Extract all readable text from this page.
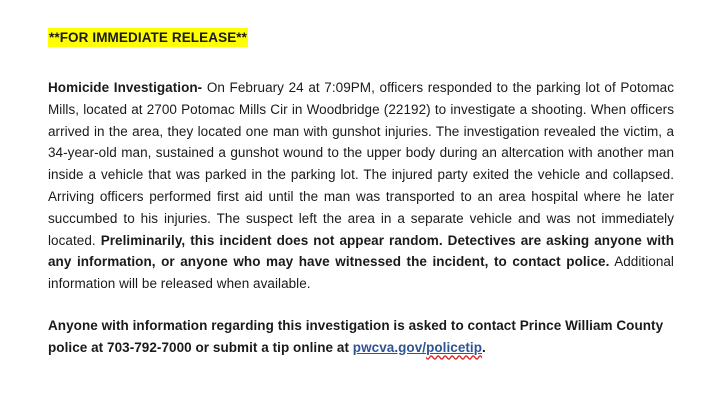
**FOR IMMEDIATE RELEASE**

Homicide Investigation- On February 24 at 7:09PM, officers responded to the parking lot of Potomac Mills, located at 2700 Potomac Mills Cir in Woodbridge (22192) to investigate a shooting. When officers arrived in the area, they located one man with gunshot injuries. The investigation revealed the victim, a 34-year-old man, sustained a gunshot wound to the upper body during an altercation with another man inside a vehicle that was parked in the parking lot. The injured party exited the vehicle and collapsed. Arriving officers performed first aid until the man was transported to an area hospital where he later succumbed to his injuries. The suspect left the area in a separate vehicle and was not immediately located. Preliminarily, this incident does not appear random. Detectives are asking anyone with any information, or anyone who may have witnessed the incident, to contact police. Additional information will be released when available.

Anyone with information regarding this investigation is asked to contact Prince William County police at 703-792-7000 or submit a tip online at pwcva.gov/policetip.
